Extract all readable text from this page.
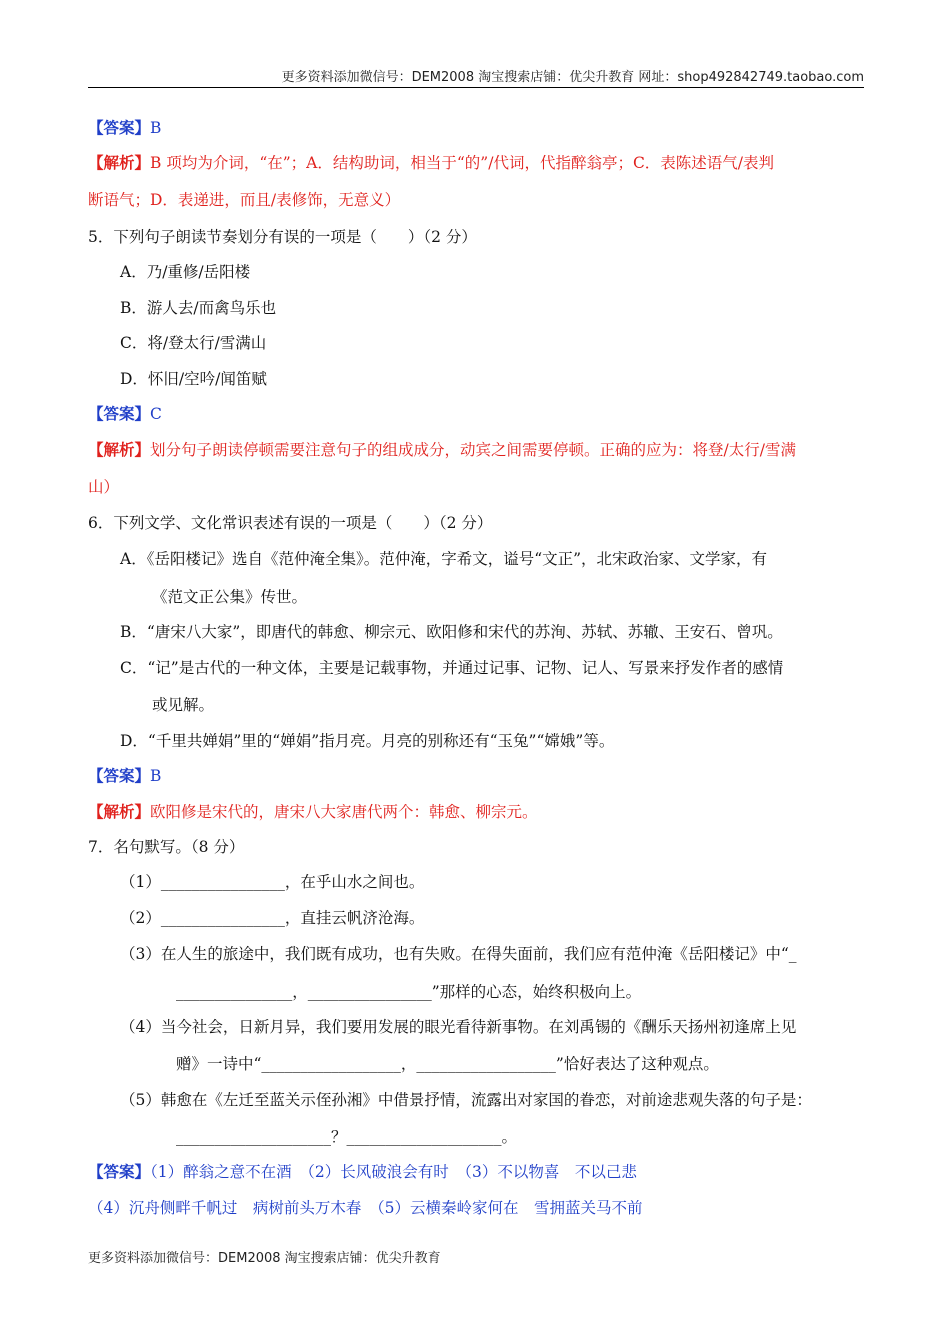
更多资料添加微信号：DEM2008 淘宝搜索店铺：优尖升教育 网址：shop492842749.taobao.com
【答案】B
【解析】B 项均为介词，“在”；A．结构助词，相当于“的”/代词，代指醉翁亭；C．表陈述语气/表判
断语气；D．表递进，而且/表修饰，无意义）
5．下列句子朗读节奏划分有误的一项是（　　）（2 分）
A．乃/重修/岳阳楼
B．游人去/而禽鸟乐也
C．将/登太行/雪满山
D．怀旧/空吟/闻笛赋
【答案】C
【解析】划分句子朗读停顿需要注意句子的组成成分，动宾之间需要停顿。正确的应为：将登/太行/雪满
山）
6．下列文学、文化常识表述有误的一项是（　　）（2 分）
A．《岳阳楼记》选自《范仲淹全集》。范仲淹，字希文，谥号“文正”，北宋政治家、文学家，有
《范文正公集》传世。
B．“唐宋八大家”，即唐代的韩愈、柳宗元、欧阳修和宋代的苏洵、苏轼、苏辙、王安石、曾巩。
C．“记”是古代的一种文体，主要是记载事物，并通过记事、记物、记人、写景来抒发作者的感情
或见解。
D．“千里共婵娟”里的“婵娟”指月亮。月亮的别称还有“玉兔”“嫦娥”等。
【答案】B
【解析】欧阳修是宋代的，唐宋八大家唐代两个：韩愈、柳宗元。
7．名句默写。（8 分）
（1）________________，在乎山水之间也。
（2）________________，直挂云帆济沧海。
（3）在人生的旅途中，我们既有成功，也有失败。在得失面前，我们应有范仲淹《岳阳楼记》中“_
_______________，________________”那样的心态，始终积极向上。
（4）当今社会，日新月异，我们要用发展的眼光看待新事物。在刘禹锡的《酬乐天扬州初逢席上见
赠》一诗中“__________________，__________________”恰好表达了这种观点。
（5）韩愈在《左迁至蓝关示侄孙湘》中借景抒情，流露出对家国的眷恋，对前途悲观失落的句子是：
____________________？____________________。
【答案】（1）醉翁之意不在酒　（2）长风破浪会有时　（3）不以物喜　不以己悲
（4）沉舟侧畔千帆过　病树前头万木春　（5）云横秦岭家何在　雪拥蓝关马不前
更多资料添加微信号：DEM2008 淘宝搜索店铺：优尖升教育
